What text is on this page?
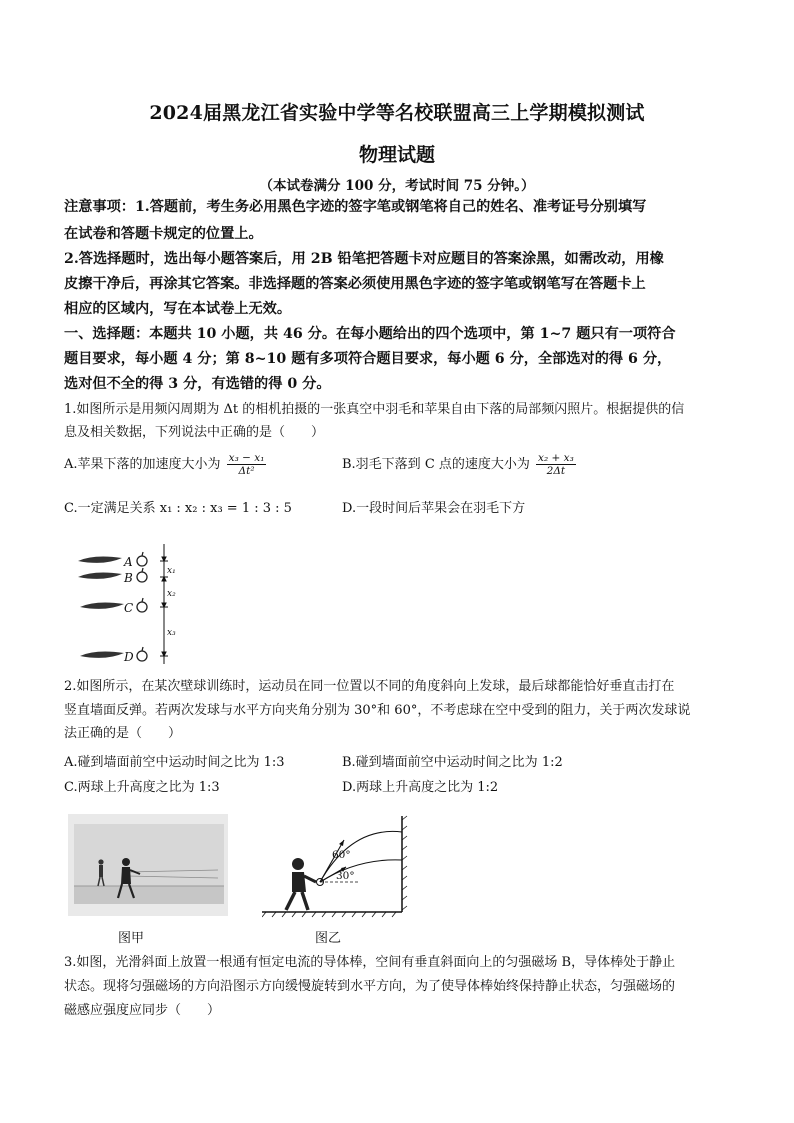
2024届黑龙江省实验中学等名校联盟高三上学期模拟测试
物理试题
（本试卷满分 100 分，考试时间 75 分钟。）
注意事项：1.答题前，考生务必用黑色字迹的签字笔或钢笔将自己的姓名、准考证号分别填写
在试卷和答题卡规定的位置上。
2.答选择题时，选出每小题答案后，用 2B 铅笔把答题卡对应题目的答案涂黑，如需改动，用橡
皮擦干净后，再涂其它答案。非选择题的答案必须使用黑色字迹的签字笔或钢笔写在答题卡上
相应的区域内，写在本试卷上无效。
一、选择题：本题共 10 小题，共 46 分。在每小题给出的四个选项中，第 1~7 题只有一项符合
题目要求，每小题 4 分；第 8~10 题有多项符合题目要求，每小题 6 分，全部选对的得 6 分，
选对但不全的得 3 分，有选错的得 0 分。
1.如图所示是用频闪周期为 Δt 的相机拍摄的一张真空中羽毛和苹果自由下落的局部频闪照片。根据提供的信
息及相关数据，下列说法中正确的是（　　）
A.苹果下落的加速度大小为 $\frac{\text{x₃ − x₁}}{\text{Δt²}}$	B.羽毛下落到 C 点的速度大小为 $\frac{\text{x₂ + x₃}}{2\Delta t}$
C.一定满足关系 x₁ : x₂ : x₃ = 1 : 3 : 5	D.一段时间后苹果会在羽毛下方
A
B
C
D
x₁
x₂
x₃
2.如图所示，在某次壁球训练时，运动员在同一位置以不同的角度斜向上发球，最后球都能恰好垂直击打在
竖直墙面反弹。若两次发球与水平方向夹角分别为 30°和 60°，不考虑球在空中受到的阻力，关于两次发球说
法正确的是（　　）
A.碰到墙面前空中运动时间之比为 1:3	B.碰到墙面前空中运动时间之比为 1:2
C.两球上升高度之比为 1:3	D.两球上升高度之比为 1:2
图甲
60°
30°
图乙
3.如图，光滑斜面上放置一根通有恒定电流的导体棒，空间有垂直斜面向上的匀强磁场 B，导体棒处于静止
状态。现将匀强磁场的方向沿图示方向缓慢旋转到水平方向，为了使导体棒始终保持静止状态，匀强磁场的
磁感应强度应同步（　　）
